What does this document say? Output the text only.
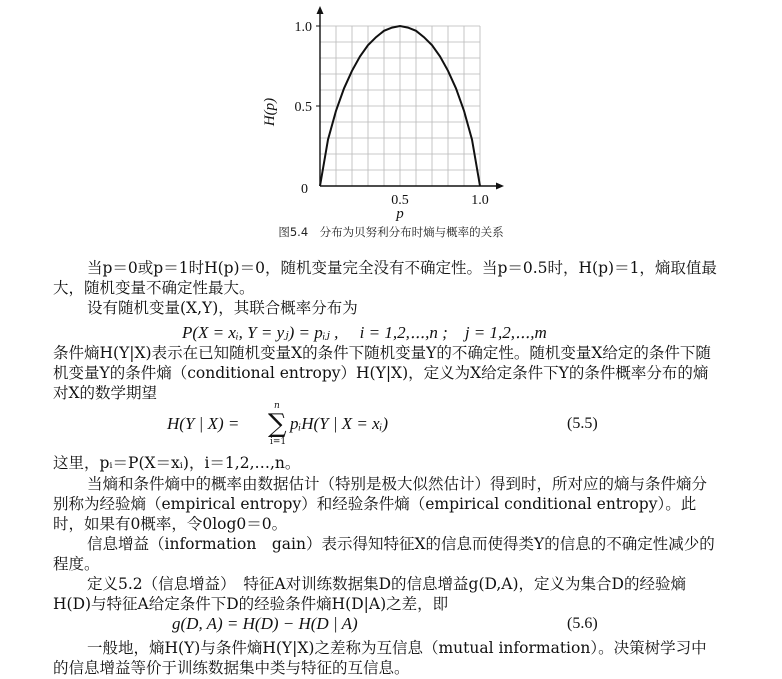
1.0
0.5
0
0.5	1.0
H(p)
p
图5.4　分布为贝努利分布时熵与概率的关系
当p＝0或p＝1时H(p)＝0，随机变量完全没有不确定性。当p＝0.5时，H(p)＝1，熵取值最大，随机变量不确定性最大。
设有随机变量(X,Y)，其联合概率分布为
P(X = xᵢ, Y = yⱼ) = pᵢⱼ ,　 i = 1,2,⋯,n ;　j = 1,2,⋯,m
条件熵H(Y|X)表示在已知随机变量X的条件下随机变量Y的不确定性。随机变量X给定的条件下随机变量Y的条件熵（conditional entropy）H(Y|X)，定义为X给定条件下Y的条件概率分布的熵对X的数学期望
H(Y | X) =
n
∑
i=1
pᵢH(Y | X = xᵢ)	(5.5)
这里，pᵢ＝P(X＝xᵢ)，i＝1,2,…,n。
当熵和条件熵中的概率由数据估计（特别是极大似然估计）得到时，所对应的熵与条件熵分别称为经验熵（empirical entropy）和经验条件熵（empirical conditional entropy）。此时，如果有0概率，令0log0＝0。
信息增益（information　gain）表示得知特征X的信息而使得类Y的信息的不确定性减少的程度。
定义5.2（信息增益）　特征A对训练数据集D的信息增益g(D,A)，定义为集合D的经验熵H(D)与特征A给定条件下D的经验条件熵H(D|A)之差，即
g(D, A) = H(D) − H(D | A)	(5.6)
一般地，熵H(Y)与条件熵H(Y|X)之差称为互信息（mutual information）。决策树学习中的信息增益等价于训练数据集中类与特征的互信息。
